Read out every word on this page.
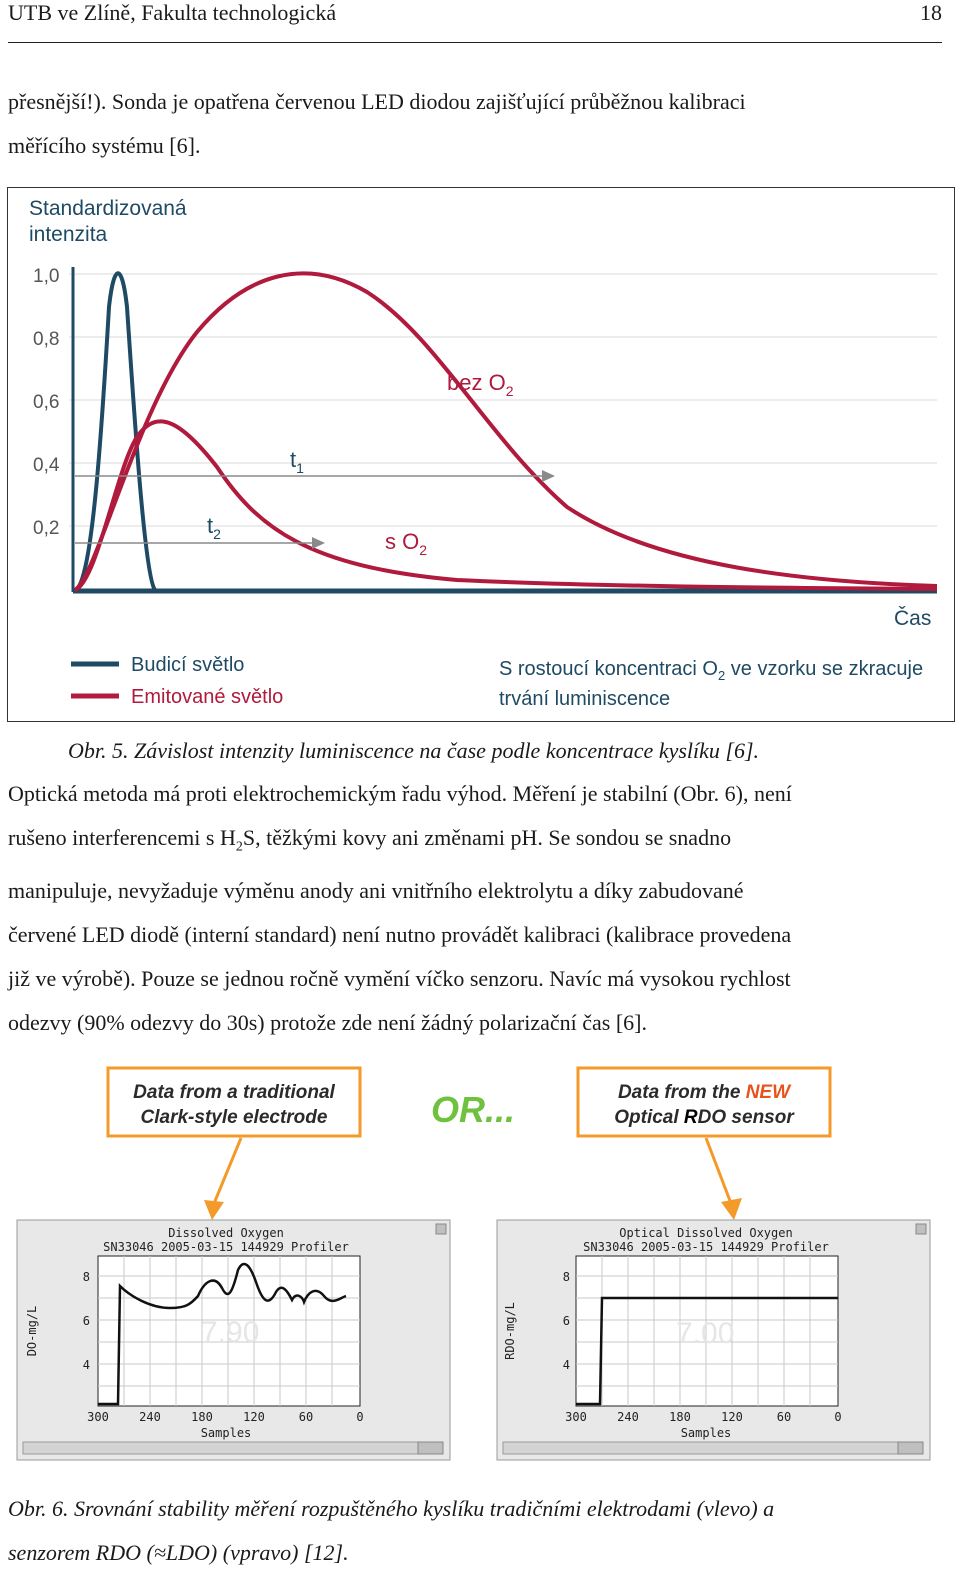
UTB ve Zlíně, Fakulta technologická	18
přesnější!). Sonda je opatřena červenou LED diodou zajišťující průběžnou kalibraci
měřícího systému [6].
Standardizovaná
intenzita
1,0
0,8
0,6
0,4
0,2
$t_1$
$t_2$
bez $O_2$
s $O_2$
Čas
Budicí světlo
Emitované světlo
S rostoucí koncentraci $O_2$ ve vzorku se zkracuje
trvání luminiscence
Obr. 5. Závislost intenzity luminiscence na čase podle koncentrace kyslíku [6].
Optická metoda má proti elektrochemickým řadu výhod. Měření je stabilní (Obr. 6), není
rušeno interferencemi s $H_2S$, těžkými kovy ani změnami pH. Se sondou se snadno
manipuluje, nevyžaduje výměnu anody ani vnitřního elektrolytu a díky zabudované
červené LED diodě (interní standard) není nutno provádět kalibraci (kalibrace provedena
již ve výrobě). Pouze se jednou ročně vymění víčko senzoru. Navíc má vysokou rychlost
odezvy (90% odezvy do 30s) protože zde není žádný polarizační čas [6].
Data from a traditional
Clark-style electrode	OR...	Data from the NEW
Optical RDO sensor
Dissolved Oxygen
SN33046 2005-03-15 144929 Profiler
7.90
8
6
4
300	240	180	120	60	0
Samples
DO-mg/L
Optical Dissolved Oxygen
SN33046 2005-03-15 144929 Profiler
7.00
8
6
4
300	240	180	120	60	0
Samples
RDO-mg/L
Obr. 6. Srovnání stability měření rozpuštěného kyslíku tradičními elektrodami (vlevo) a
senzorem RDO (≈LDO) (vpravo) [12].
